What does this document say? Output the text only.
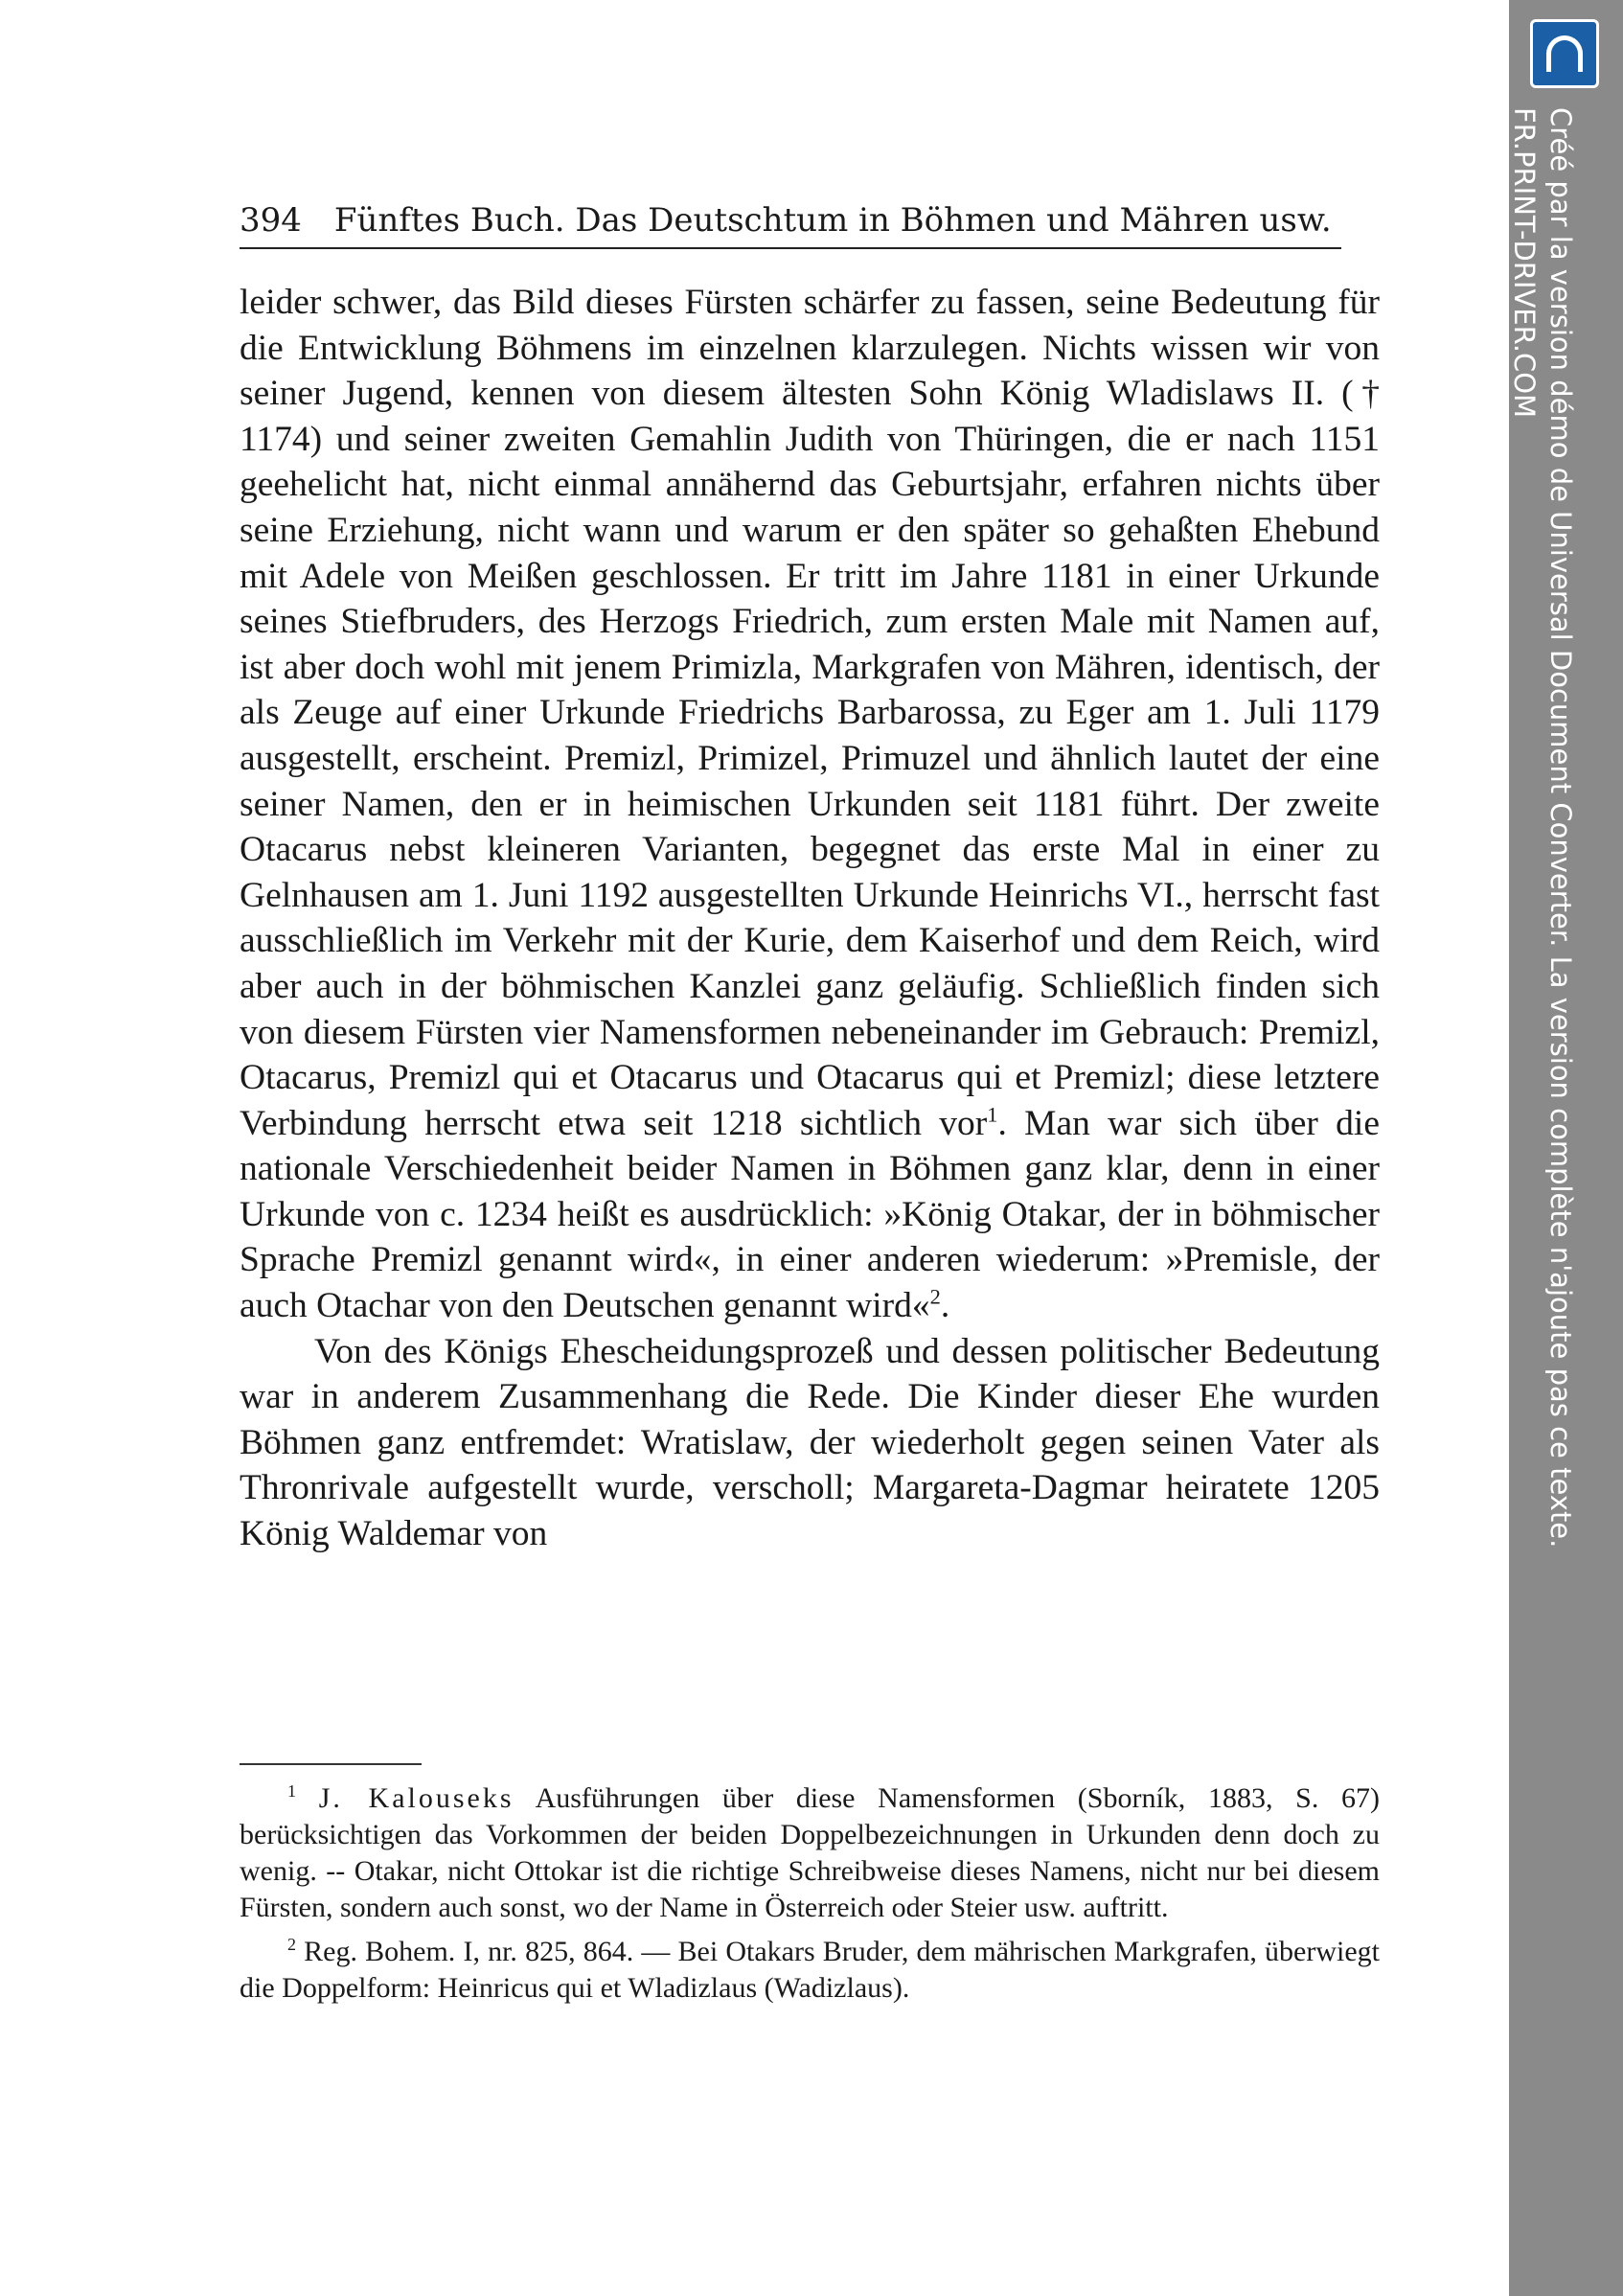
394 Fünftes Buch. Das Deutschtum in Böhmen und Mähren usw.

leider schwer, das Bild dieses Fürsten schärfer zu fassen, seine Bedeutung für die Entwicklung Böhmens im einzelnen klarzulegen. Nichts wissen wir von seiner Jugend, kennen von diesem ältesten Sohn König Wladislaws II. († 1174) und seiner zweiten Gemahlin Judith von Thüringen, die er nach 1151 geehelicht hat, nicht einmal annähernd das Geburtsjahr, erfahren nichts über seine Erziehung, nicht wann und warum er den später so gehaßten Ehebund mit Adele von Meißen geschlossen. Er tritt im Jahre 1181 in einer Urkunde seines Stiefbruders, des Herzogs Friedrich, zum ersten Male mit Namen auf, ist aber doch wohl mit jenem Primizla, Markgrafen von Mähren, identisch, der als Zeuge auf einer Urkunde Friedrichs Barbarossa, zu Eger am 1. Juli 1179 ausgestellt, erscheint. Premizl, Primizel, Primuzel und ähnlich lautet der eine seiner Namen, den er in heimischen Urkunden seit 1181 führt. Der zweite Otacarus nebst kleineren Varianten, begegnet das erste Mal in einer zu Gelnhausen am 1. Juni 1192 ausgestellten Urkunde Heinrichs VI., herrscht fast ausschließlich im Verkehr mit der Kurie, dem Kaiserhof und dem Reich, wird aber auch in der böhmischen Kanzlei ganz geläufig. Schließlich finden sich von diesem Fürsten vier Namensformen nebeneinander im Gebrauch: Premizl, Otacarus, Premizl qui et Otacarus und Otacarus qui et Premizl; diese letztere Verbindung herrscht etwa seit 1218 sichtlich vor$^1$. Man war sich über die nationale Verschiedenheit beider Namen in Böhmen ganz klar, denn in einer Urkunde von c. 1234 heißt es ausdrücklich: »König Otakar, der in böhmischer Sprache Premizl genannt wird«, in einer anderen wiederum: »Premisle, der auch Otachar von den Deutschen genannt wird«$^2$.

Von des Königs Ehescheidungsprozeß und dessen politischer Bedeutung war in anderem Zusammenhang die Rede. Die Kinder dieser Ehe wurden Böhmen ganz entfremdet: Wratislaw, der wiederholt gegen seinen Vater als Thronrivale aufgestellt wurde, verscholl; Margareta-Dagmar heiratete 1205 König Waldemar von

$^1$ J. Kalouseks Ausführungen über diese Namensformen (Sborník, 1883, S. 67) berücksichtigen das Vorkommen der beiden Doppelbezeichnungen in Urkunden denn doch zu wenig. -- Otakar, nicht Ottokar ist die richtige Schreibweise dieses Namens, nicht nur bei diesem Fürsten, sondern auch sonst, wo der Name in Österreich oder Steier usw. auftritt.

$^2$ Reg. Bohem. I, nr. 825, 864. — Bei Otakars Bruder, dem mährischen Markgrafen, überwiegt die Doppelform: Heinricus qui et Wladizlaus (Wadizlaus).

Créé par la version démo de Universal Document Converter. La version complète n'ajoute pas ce texte.
FR.PRINT-DRIVER.COM
